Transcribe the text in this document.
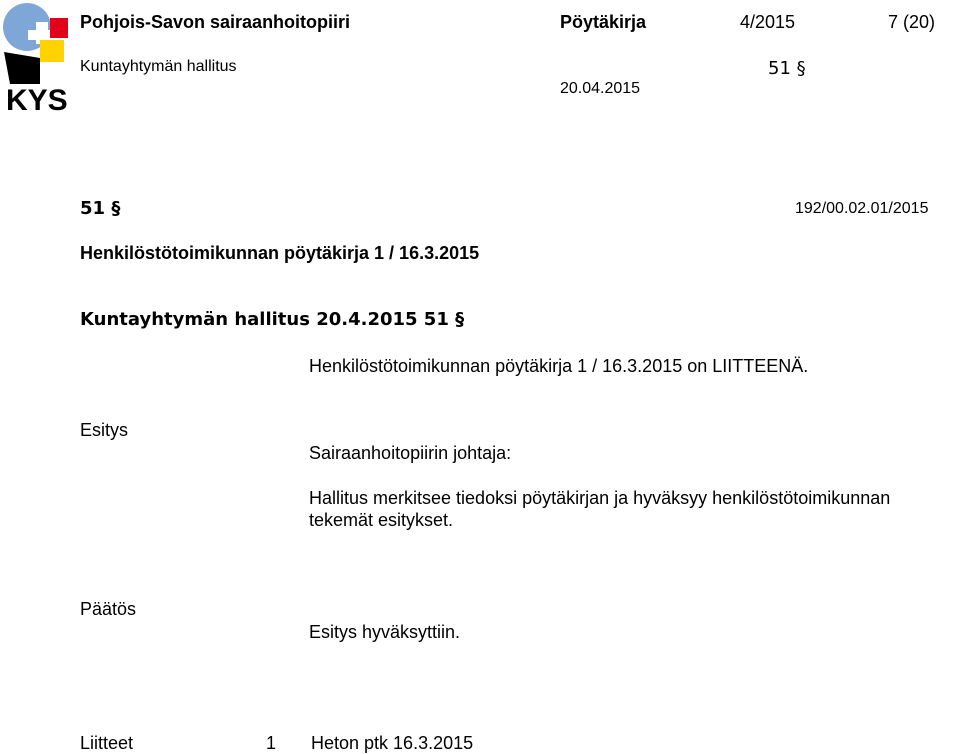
KYS
Pohjois-Savon sairaanhoitopiiri	Pöytäkirja	4/2015	7 (20)
Kuntayhtymän hallitus	51 §
20.04.2015
51 §	192/00.02.01/2015
Henkilöstötoimikunnan pöytäkirja 1 / 16.3.2015
Kuntayhtymän hallitus 20.4.2015 51 §
Henkilöstötoimikunnan pöytäkirja 1 / 16.3.2015 on LIITTEENÄ.
Esitys
Sairaanhoitopiirin johtaja:
Hallitus merkitsee tiedoksi pöytäkirjan ja hyväksyy henkilöstötoimikunnan
tekemät esitykset.
Päätös
Esitys hyväksyttiin.
Liitteet	1 Heton ptk 16.3.2015
